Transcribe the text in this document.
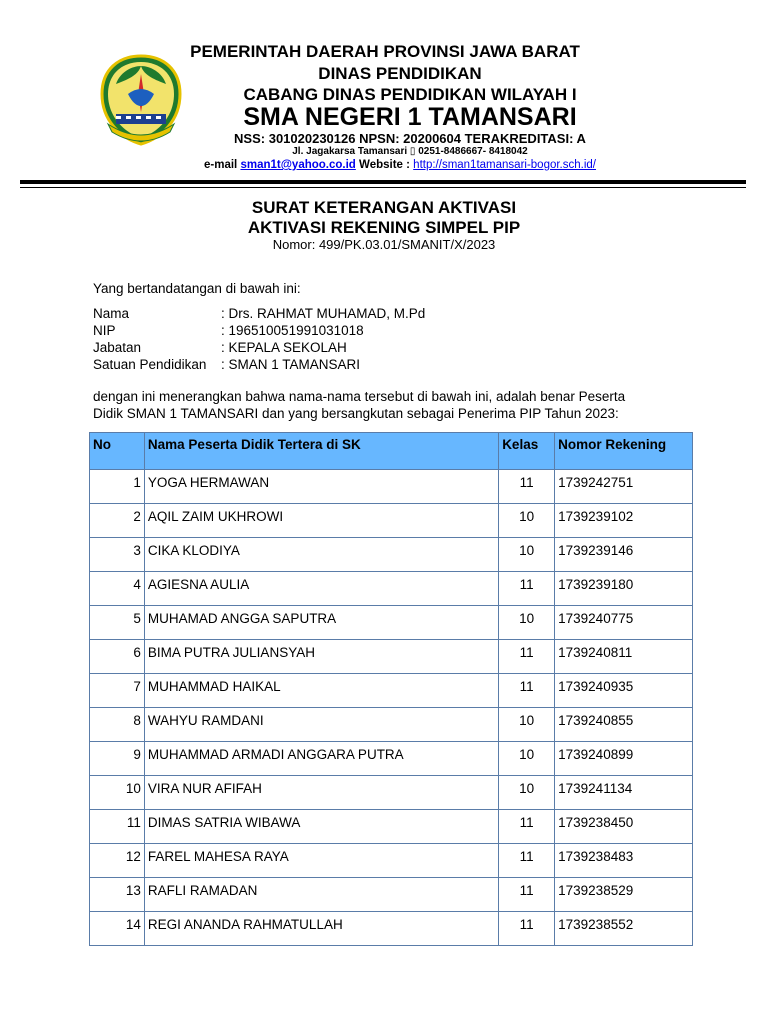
PEMERINTAH DAERAH PROVINSI JAWA BARAT
DINAS PENDIDIKAN
CABANG DINAS PENDIDIKAN WILAYAH I
SMA NEGERI 1 TAMANSARI
NSS: 301020230126 NPSN: 20200604 TERAKREDITASI: A
Jl. Jagakarsa Tamansari ▯ 0251-8486667- 8418042
e-mail sman1t@yahoo.co.id Website : http://sman1tamansari-bogor.sch.id/
SURAT KETERANGAN AKTIVASI
AKTIVASI REKENING SIMPEL PIP
Nomor: 499/PK.03.01/SMANIT/X/2023
Yang bertandatangan di bawah ini:
Nama	: Drs. RAHMAT MUHAMAD, M.Pd
NIP	: 196510051991031018
Jabatan	: KEPALA SEKOLAH
Satuan Pendidikan : SMAN 1 TAMANSARI
dengan ini menerangkan bahwa nama-nama tersebut di bawah ini, adalah benar Peserta
Didik SMAN 1 TAMANSARI dan yang bersangkutan sebagai Penerima PIP Tahun 2023:
No	Nama Peserta Didik Tertera di SK	Kelas	Nomor Rekening
1	YOGA HERMAWAN	11	1739242751
2	AQIL ZAIM UKHROWI	10	1739239102
3	CIKA KLODIYA	10	1739239146
4	AGIESNA AULIA	11	1739239180
5	MUHAMAD ANGGA SAPUTRA	10	1739240775
6	BIMA PUTRA JULIANSYAH	11	1739240811
7	MUHAMMAD HAIKAL	11	1739240935
8	WAHYU RAMDANI	10	1739240855
9	MUHAMMAD ARMADI ANGGARA PUTRA	10	1739240899
10	VIRA NUR AFIFAH	10	1739241134
11	DIMAS SATRIA WIBAWA	11	1739238450
12	FAREL MAHESA RAYA	11	1739238483
13	RAFLI RAMADAN	11	1739238529
14	REGI ANANDA RAHMATULLAH	11	1739238552
